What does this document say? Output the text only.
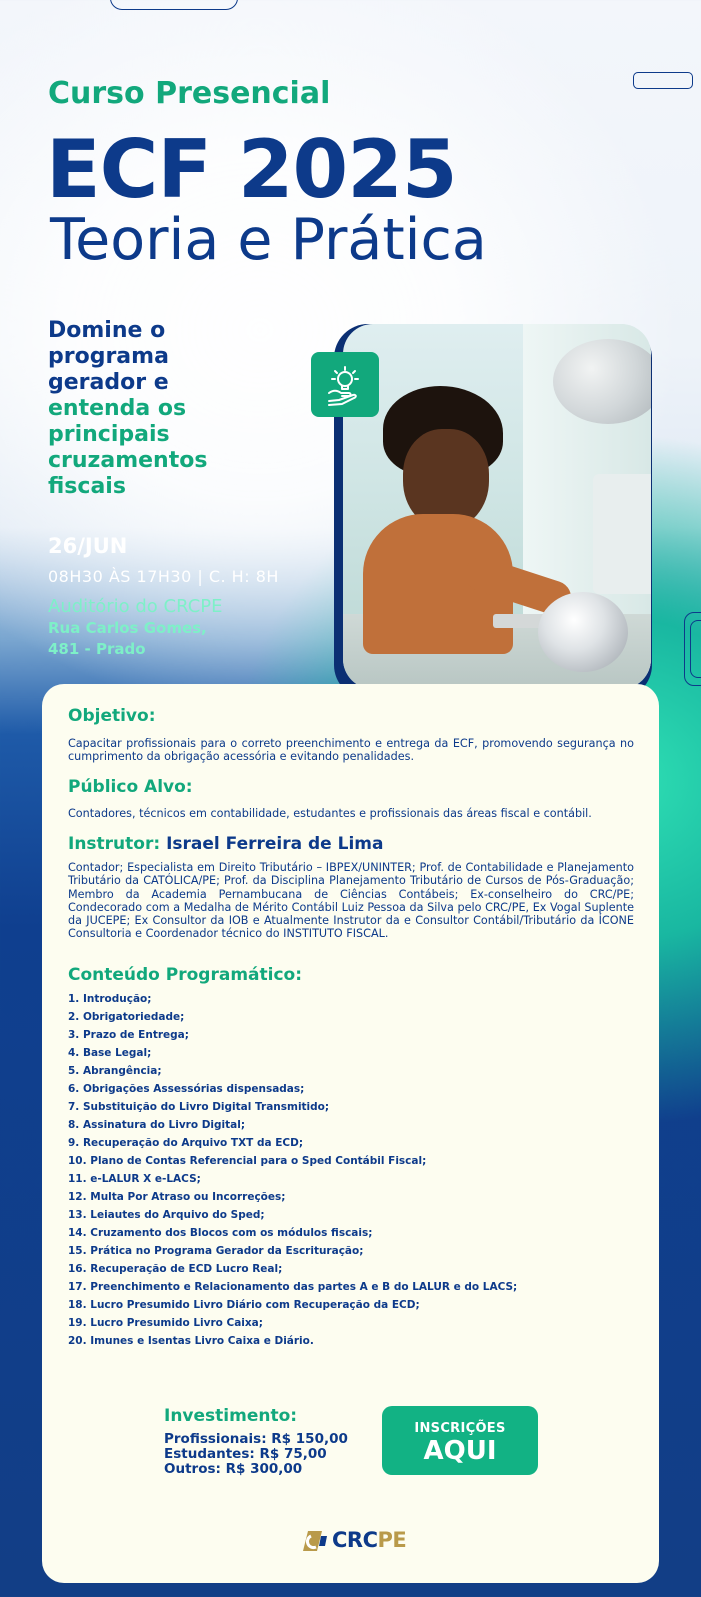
Curso Presencial
ECF 2025
Teoria e Prática
Domine o
programa
gerador e
entenda os
principais
cruzamentos
fiscais
26/JUN
08H30 ÀS 17H30 | C. H: 8H
Auditório do CRCPE
Rua Carlos Gomes,
481 - Prado
Objetivo:

Capacitar profissionais para o correto preenchimento e entrega da ECF, promovendo segurança no cumprimento da obrigação acessória e evitando penalidades.

Público Alvo:

Contadores, técnicos em contabilidade, estudantes e profissionais das áreas fiscal e contábil.

Instrutor: Israel Ferreira de Lima

Contador; Especialista em Direito Tributário – IBPEX/UNINTER; Prof. de Contabilidade e Planejamento Tributário da CATÓLICA/PE; Prof. da Disciplina Planejamento Tributário de Cursos de Pós-Graduação; Membro da Academia Pernambucana de Ciências Contábeis; Ex-conselheiro do CRC/PE; Condecorado com a Medalha de Mérito Contábil Luiz Pessoa da Silva pelo CRC/PE, Ex Vogal Suplente da JUCEPE; Ex Consultor da IOB e Atualmente Instrutor da e Consultor Contábil/Tributário da ÍCONE Consultoria e Coordenador técnico do INSTITUTO FISCAL.

Conteúdo Programático:
1. Introdução;
2. Obrigatoriedade;
3. Prazo de Entrega;
4. Base Legal;
5. Abrangência;
6. Obrigações Assessórias dispensadas;
7. Substituição do Livro Digital Transmitido;
8. Assinatura do Livro Digital;
9. Recuperação do Arquivo TXT da ECD;
10. Plano de Contas Referencial para o Sped Contábil Fiscal;
11. e-LALUR X e-LACS;
12. Multa Por Atraso ou Incorreções;
13. Leiautes do Arquivo do Sped;
14. Cruzamento dos Blocos com os módulos fiscais;
15. Prática no Programa Gerador da Escrituração;
16. Recuperação de ECD Lucro Real;
17. Preenchimento e Relacionamento das partes A e B do LALUR e do LACS;
18. Lucro Presumido Livro Diário com Recuperação da ECD;
19. Lucro Presumido Livro Caixa;
20. Imunes e Isentas Livro Caixa e Diário.
Investimento:
Profissionais: R$ 150,00
Estudantes: R$ 75,00
Outros: R$ 300,00
INSCRIÇÕES
AQUI
CRC PE
